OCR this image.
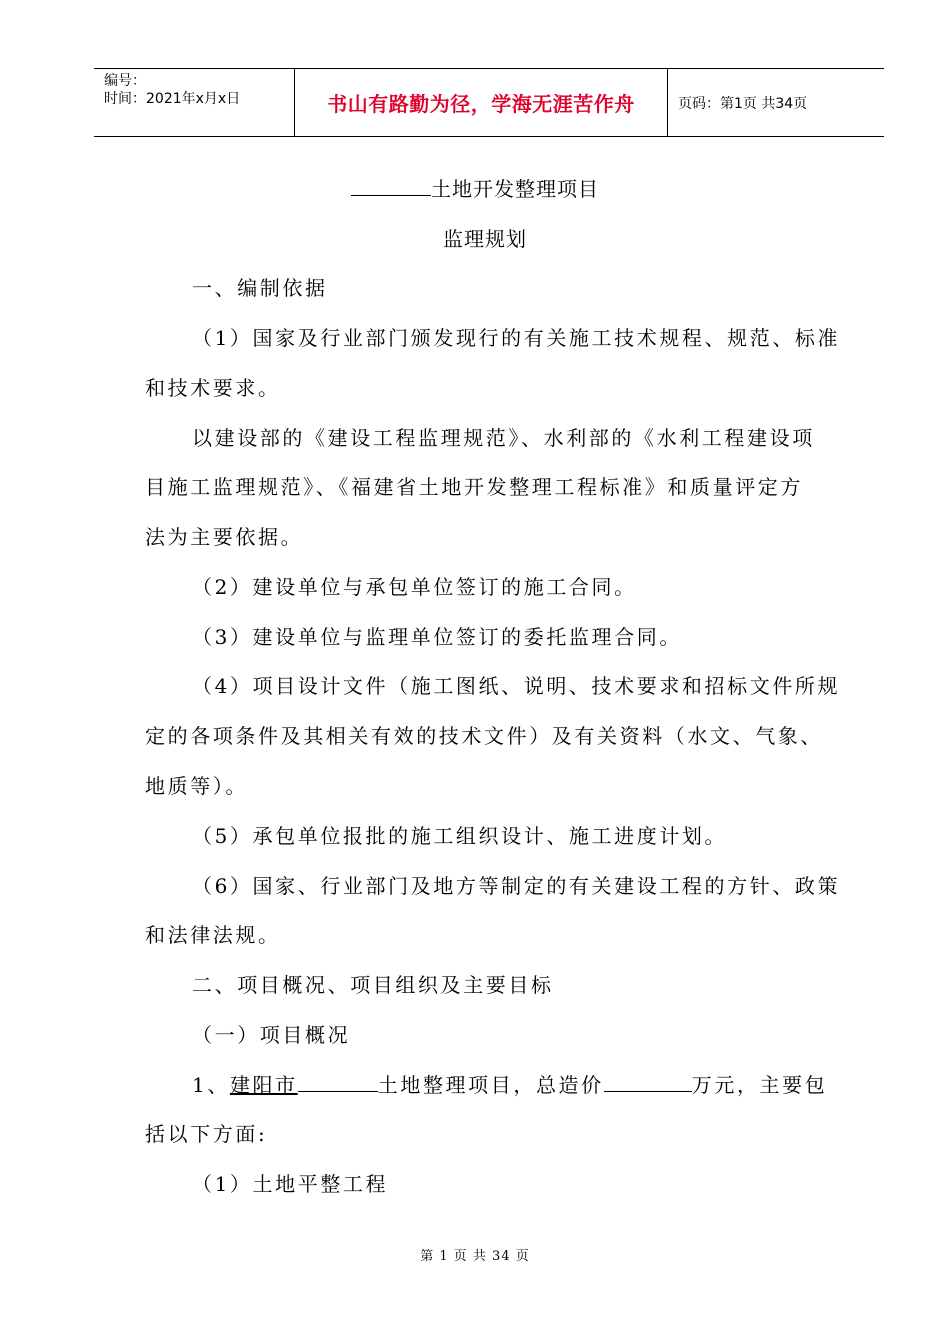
编号：
时间：2021年x月x日	书山有路勤为径，学海无涯苦作舟	页码：第1页 共34页
土地开发整理项目
监理规划
一、编制依据
（1）国家及行业部门颁发现行的有关施工技术规程、规范、标准
和技术要求。
以建设部的《建设工程监理规范》、水利部的《水利工程建设项
目施工监理规范》、《福建省土地开发整理工程标准》和质量评定方
法为主要依据。
（2）建设单位与承包单位签订的施工合同。
（3）建设单位与监理单位签订的委托监理合同。
（4）项目设计文件（施工图纸、说明、技术要求和招标文件所规
定的各项条件及其相关有效的技术文件）及有关资料（水文、气象、
地质等）。
（5）承包单位报批的施工组织设计、施工进度计划。
（6）国家、行业部门及地方等制定的有关建设工程的方针、政策
和法律法规。
二、项目概况、项目组织及主要目标
（一）项目概况
1、建阳市	土地整理项目，总造价	万元，主要包
括以下方面:
（1）土地平整工程
第 1 页 共 34 页
